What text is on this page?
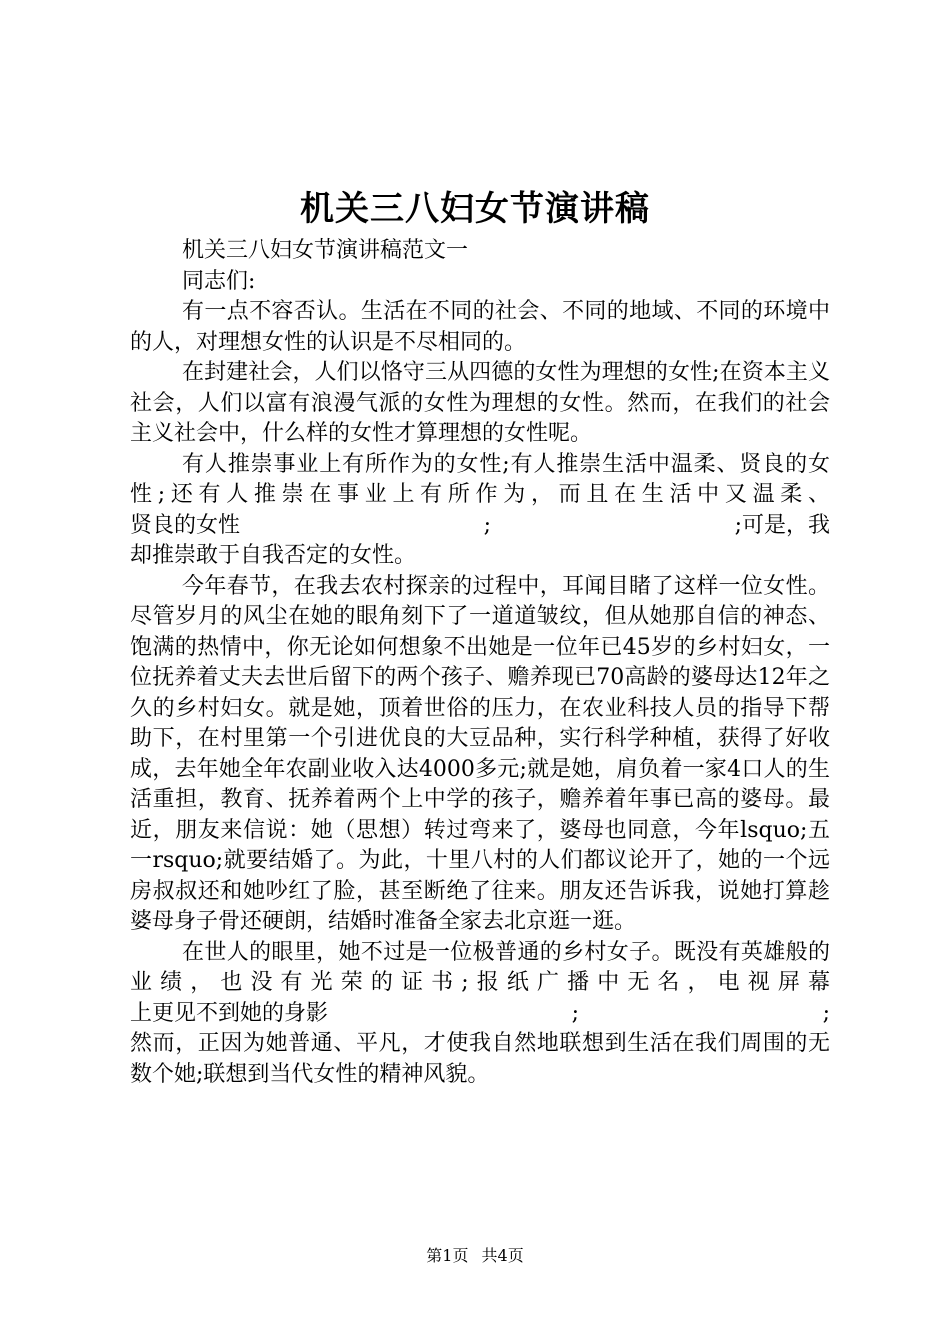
机关三八妇女节演讲稿

机关三八妇女节演讲稿范文一

同志们:

有一点不容否认。生活在不同的社会、不同的地域、不同的环境中的人，对理想女性的认识是不尽相同的。

在封建社会，人们以恪守三从四德的女性为理想的女性;在资本主义社会，人们以富有浪漫气派的女性为理想的女性。然而，在我们的社会主义社会中，什么样的女性才算理想的女性呢。

有人推崇事业上有所作为的女性;有人推崇生活中温柔、贤良的女性;还有人推崇在事业上有所作为，而且在生活中又温柔、

贤良的女性	;	;可是，我

却推崇敢于自我否定的女性。

今年春节，在我去农村探亲的过程中，耳闻目睹了这样一位女性。尽管岁月的风尘在她的眼角刻下了一道道皱纹，但从她那自信的神态、饱满的热情中，你无论如何想象不出她是一位年已45岁的乡村妇女，一位抚养着丈夫去世后留下的两个孩子、赡养现已70高龄的婆母达12年之久的乡村妇女。就是她，顶着世俗的压力，在农业科技人员的指导下帮助下，在村里第一个引进优良的大豆品种，实行科学种植，获得了好收成，去年她全年农副业收入达4000多元;就是她，肩负着一家4口人的生活重担，教育、抚养着两个上中学的孩子，赡养着年事已高的婆母。最近，朋友来信说：她（思想）转过弯来了，婆母也同意，今年lsquo;五一rsquo;就要结婚了。为此，十里八村的人们都议论开了，她的一个远房叔叔还和她吵红了脸，甚至断绝了往来。朋友还告诉我，说她打算趁婆母身子骨还硬朗，结婚时准备全家去北京逛一逛。

在世人的眼里，她不过是一位极普通的乡村女子。既没有英雄般的业绩，也没有光荣的证书;报纸广播中无名，电视屏幕

上更见不到她的身影	;	;

然而，正因为她普通、平凡，才使我自然地联想到生活在我们周围的无数个她;联想到当代女性的精神风貌。

第1页 共4页
